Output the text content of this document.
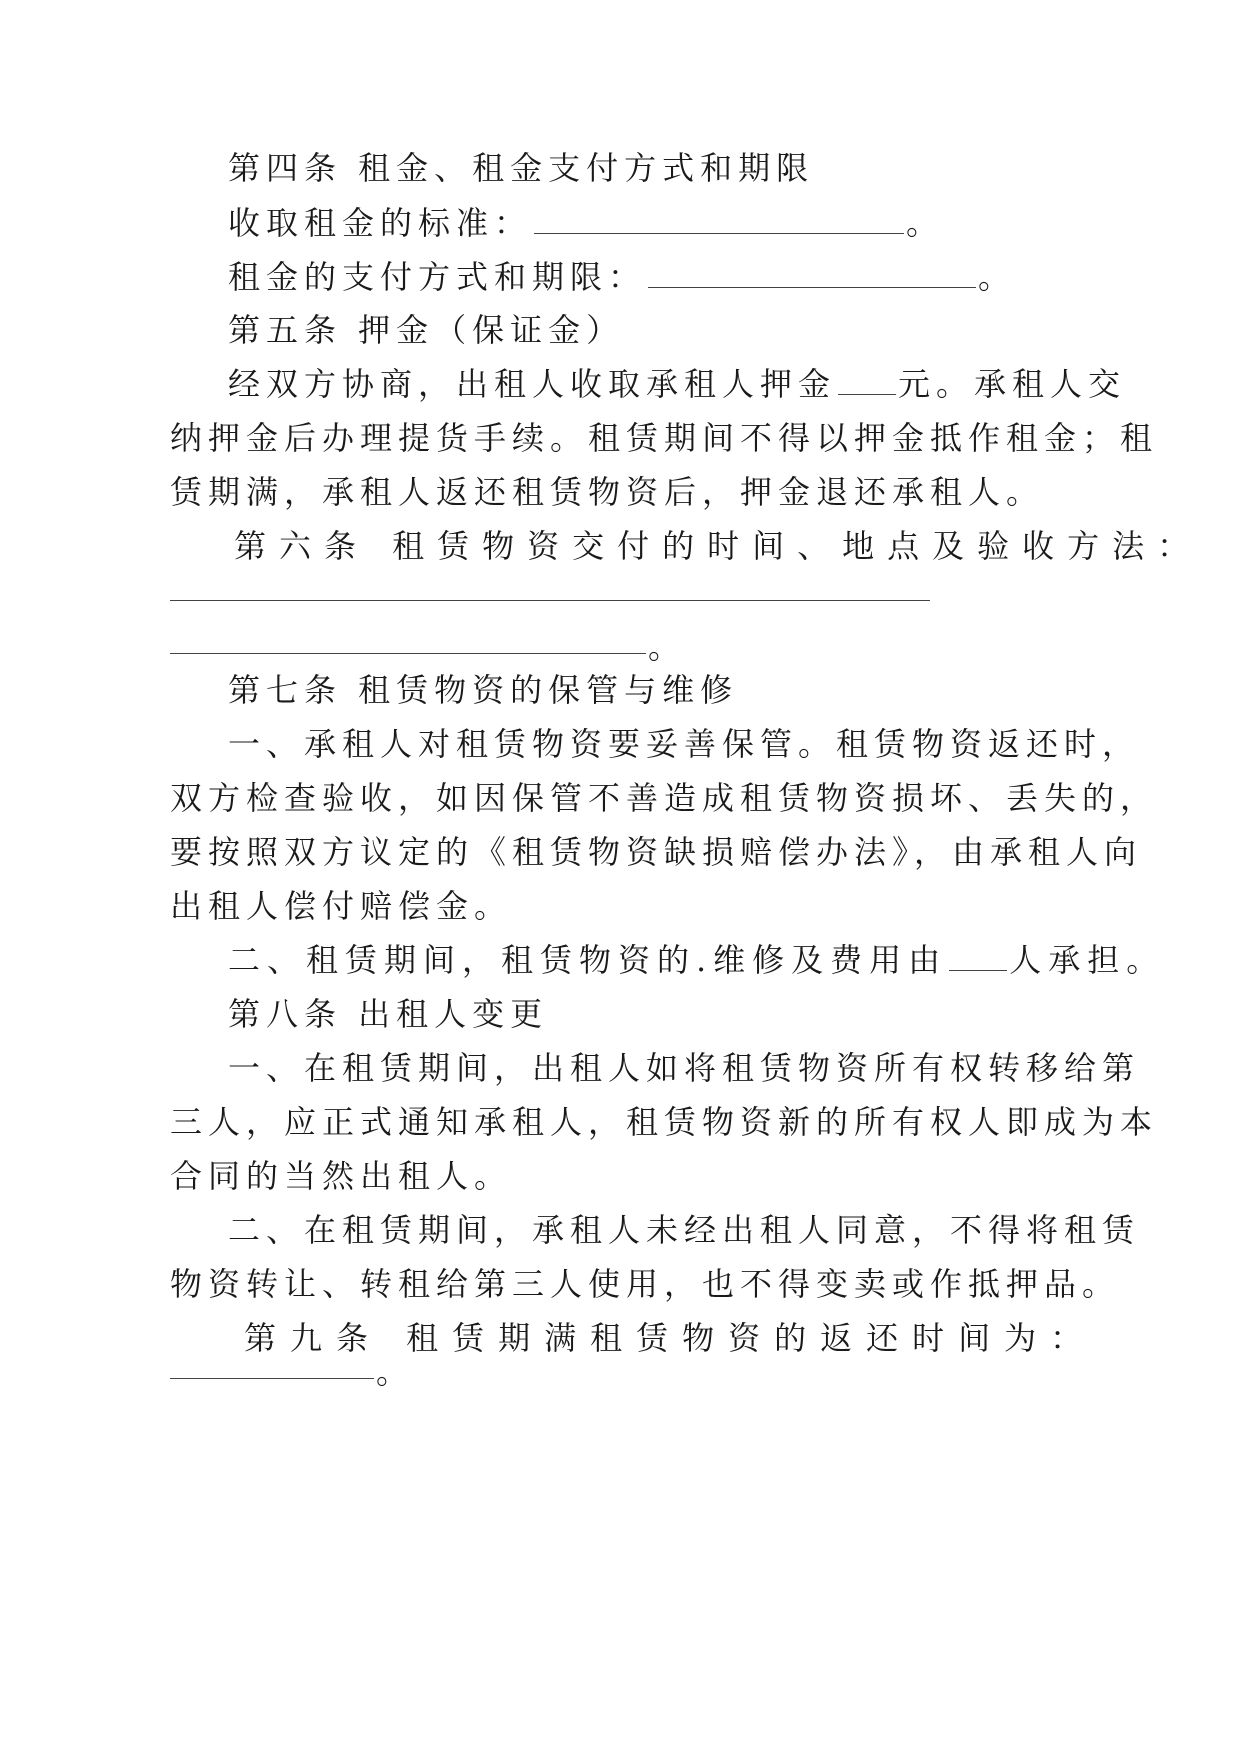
第四条 租金、租金支付方式和期限
收取租金的标准：	。
租金的支付方式和期限：	。
第五条 押金（保证金）
经双方协商，出租人收取承租人押金 元。承租人交
纳押金后办理提货手续。租赁期间不得以押金抵作租金；租
赁期满，承租人返还租赁物资后，押金退还承租人。
第六条 租赁物资交付的时间、地点及验收方法：
。
第七条 租赁物资的保管与维修
一、承租人对租赁物资要妥善保管。租赁物资返还时，
双方检查验收，如因保管不善造成租赁物资损坏、丢失的，
要按照双方议定的《租赁物资缺损赔偿办法》，由承租人向
出租人偿付赔偿金。
二、租赁期间，租赁物资的.维修及费用由 人承担。
第八条 出租人变更
一、在租赁期间，出租人如将租赁物资所有权转移给第
三人，应正式通知承租人，租赁物资新的所有权人即成为本
合同的当然出租人。
二、在租赁期间，承租人未经出租人同意，不得将租赁
物资转让、转租给第三人使用，也不得变卖或作抵押品。
第九条 租赁期满租赁物资的返还时间为：
。
